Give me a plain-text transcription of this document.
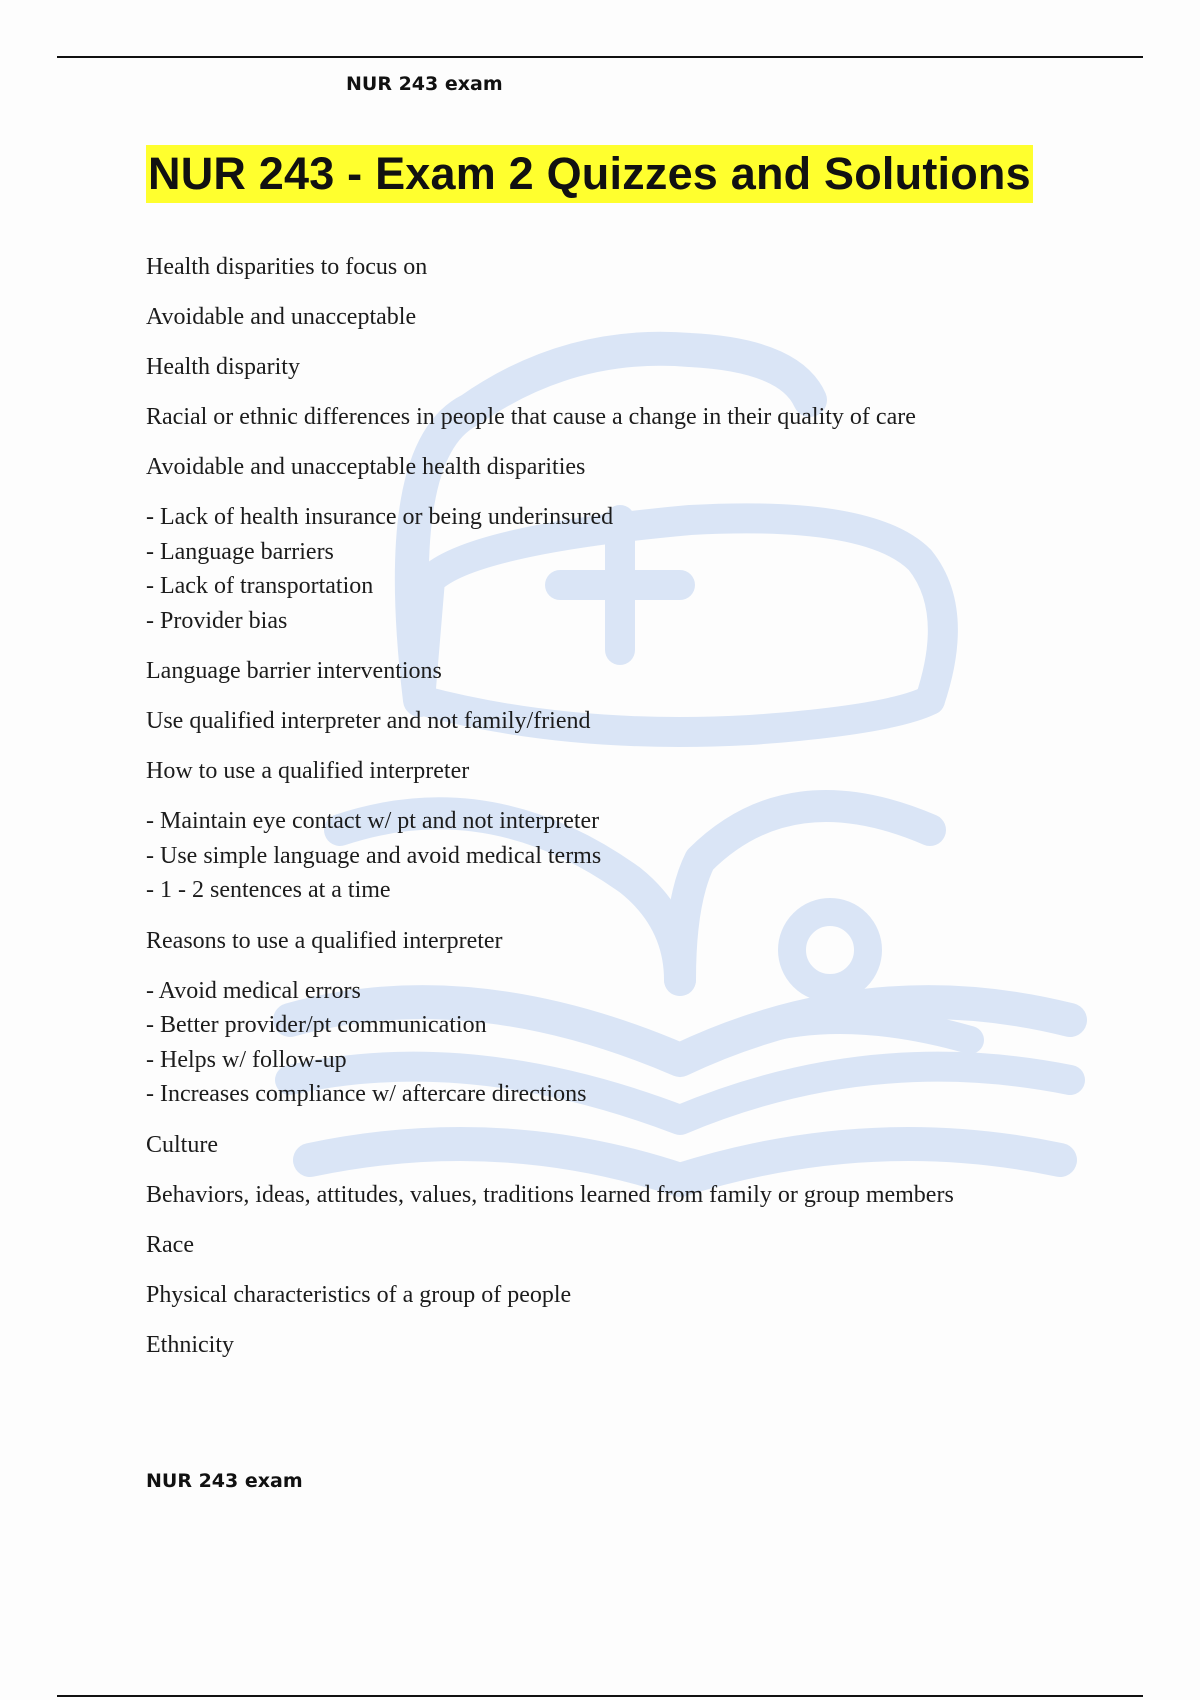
NUR 243 exam
NUR 243 - Exam 2 Quizzes and Solutions
Health disparities to focus on
Avoidable and unacceptable
Health disparity
Racial or ethnic differences in people that cause a change in their quality of care
Avoidable and unacceptable health disparities
- Lack of health insurance or being underinsured
- Language barriers
- Lack of transportation
- Provider bias
Language barrier interventions
Use qualified interpreter and not family/friend
How to use a qualified interpreter
- Maintain eye contact w/ pt and not interpreter
- Use simple language and avoid medical terms
- 1 - 2 sentences at a time
Reasons to use a qualified interpreter
- Avoid medical errors
- Better provider/pt communication
- Helps w/ follow-up
- Increases compliance w/ aftercare directions
Culture
Behaviors, ideas, attitudes, values, traditions learned from family or group members
Race
Physical characteristics of a group of people
Ethnicity
NUR 243 exam
